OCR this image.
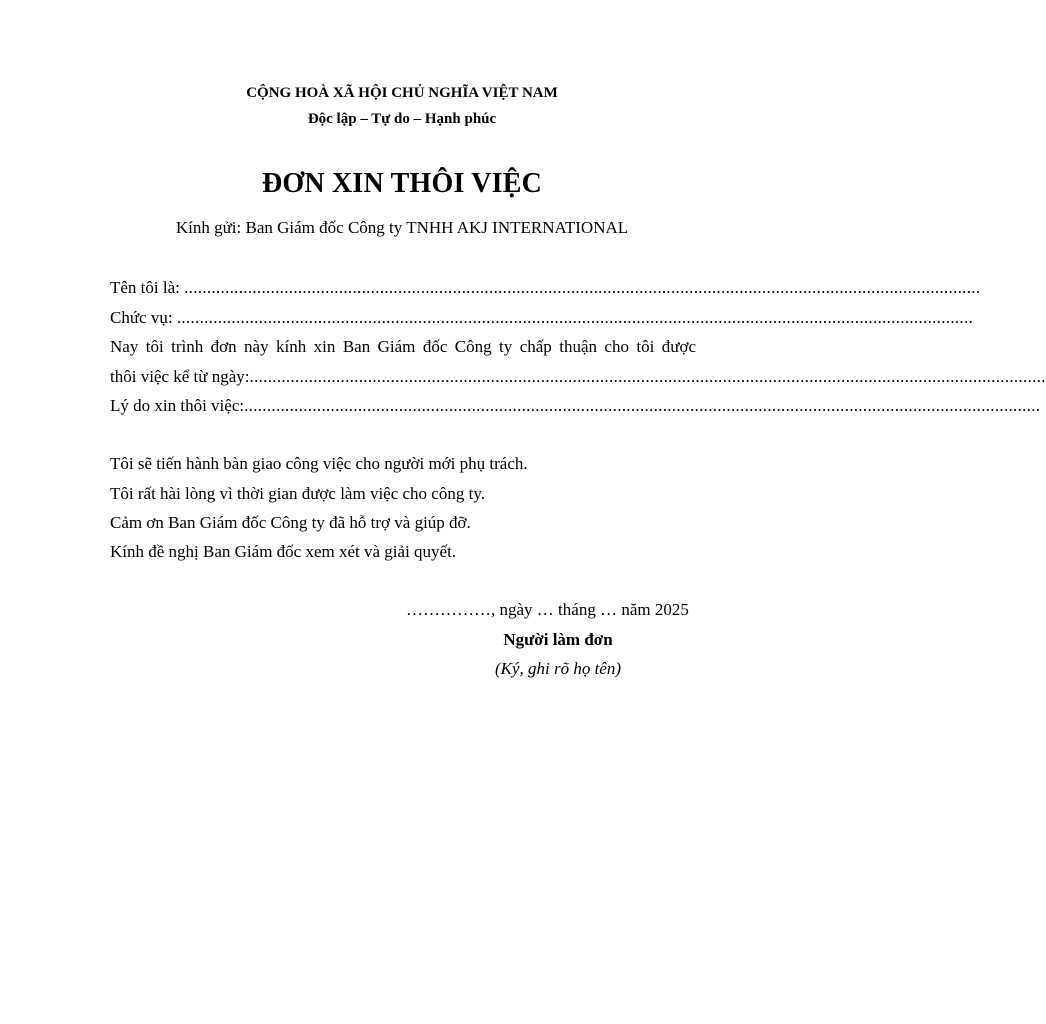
CỘNG HOÀ XÃ HỘI CHỦ NGHĨA VIỆT NAM
Độc lập – Tự do – Hạnh phúc
ĐƠN XIN THÔI VIỆC
Kính gửi: Ban Giám đốc Công ty TNHH AKJ INTERNATIONAL
Tên tôi là:
...............................................................................................................................................................................
Chức vụ:
...............................................................................................................................................................................
Nay tôi trình đơn này kính xin Ban Giám đốc Công ty chấp thuận cho tôi được
thôi việc kể từ ngày: ...............................................................................................................................................................................
Lý do xin thôi việc: ...............................................................................................................................................................................
Tôi sẽ tiến hành bàn giao công việc cho người mới phụ trách.
Tôi rất hài lòng vì thời gian được làm việc cho công ty.
Cảm ơn Ban Giám đốc Công ty đã hỗ trợ và giúp đỡ.
Kính đề nghị Ban Giám đốc xem xét và giải quyết.
……………, ngày … tháng … năm 2025
Người làm đơn
(Ký, ghi rõ họ tên)
